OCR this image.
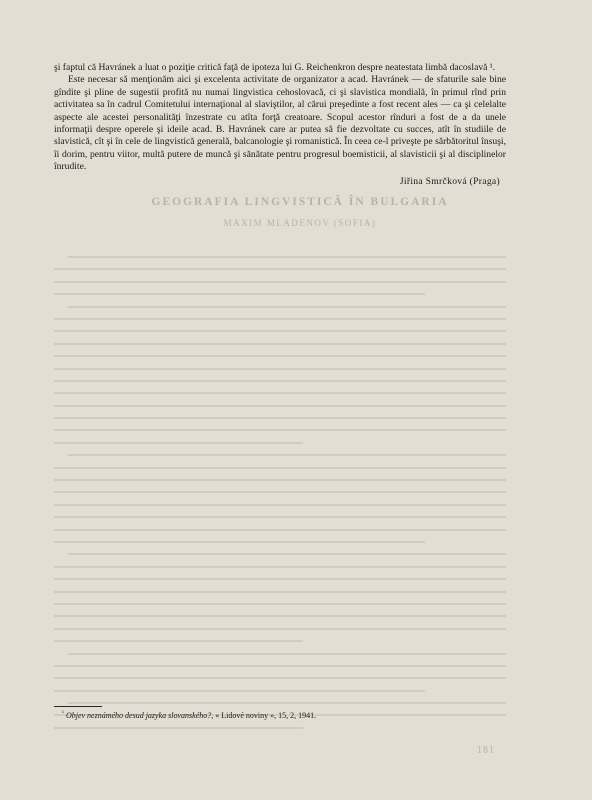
GEOGRAFIA LINGVISTICĂ ÎN BULGARIA
MAXIM MLADENOV (SOFIA)

şi faptul că Havránek a luat o poziţie critică faţă de ipoteza lui G. Reichenkron despre neatestata limbă dacoslavă ¹.

Este necesar să menţionăm aici şi excelenta activitate de organizator a acad. Havránek — de sfaturile sale bine gîndite şi pline de sugestii profită nu numai lingvistica cehoslovacă, ci şi slavistica mondială, în primul rînd prin activitatea sa în cadrul Comitetului internaţional al slaviştilor, al cărui preşedinte a fost recent ales — ca şi celelalte aspecte ale acestei personalităţi înzestrate cu atîta forţă creatoare. Scopul acestor rînduri a fost de a da unele informaţii despre operele şi ideile acad. B. Havránek care ar putea să fie dezvoltate cu succes, atît în studiile de slavistică, cît şi în cele de lingvistică generală, balcanologie şi romanistică. În ceea ce-l priveşte pe sărbătoritul însuşi, îi dorim, pentru viitor, multă putere de muncă şi sănătate pentru progresul boemisticii, al slavisticii şi al disciplinelor înrudite.

Jiřina Smrčková (Praga)

$^{^1}$ Objev neznámého desud jazyka slovanského?, « Lidové noviny », 15, 2, 1941.
181
